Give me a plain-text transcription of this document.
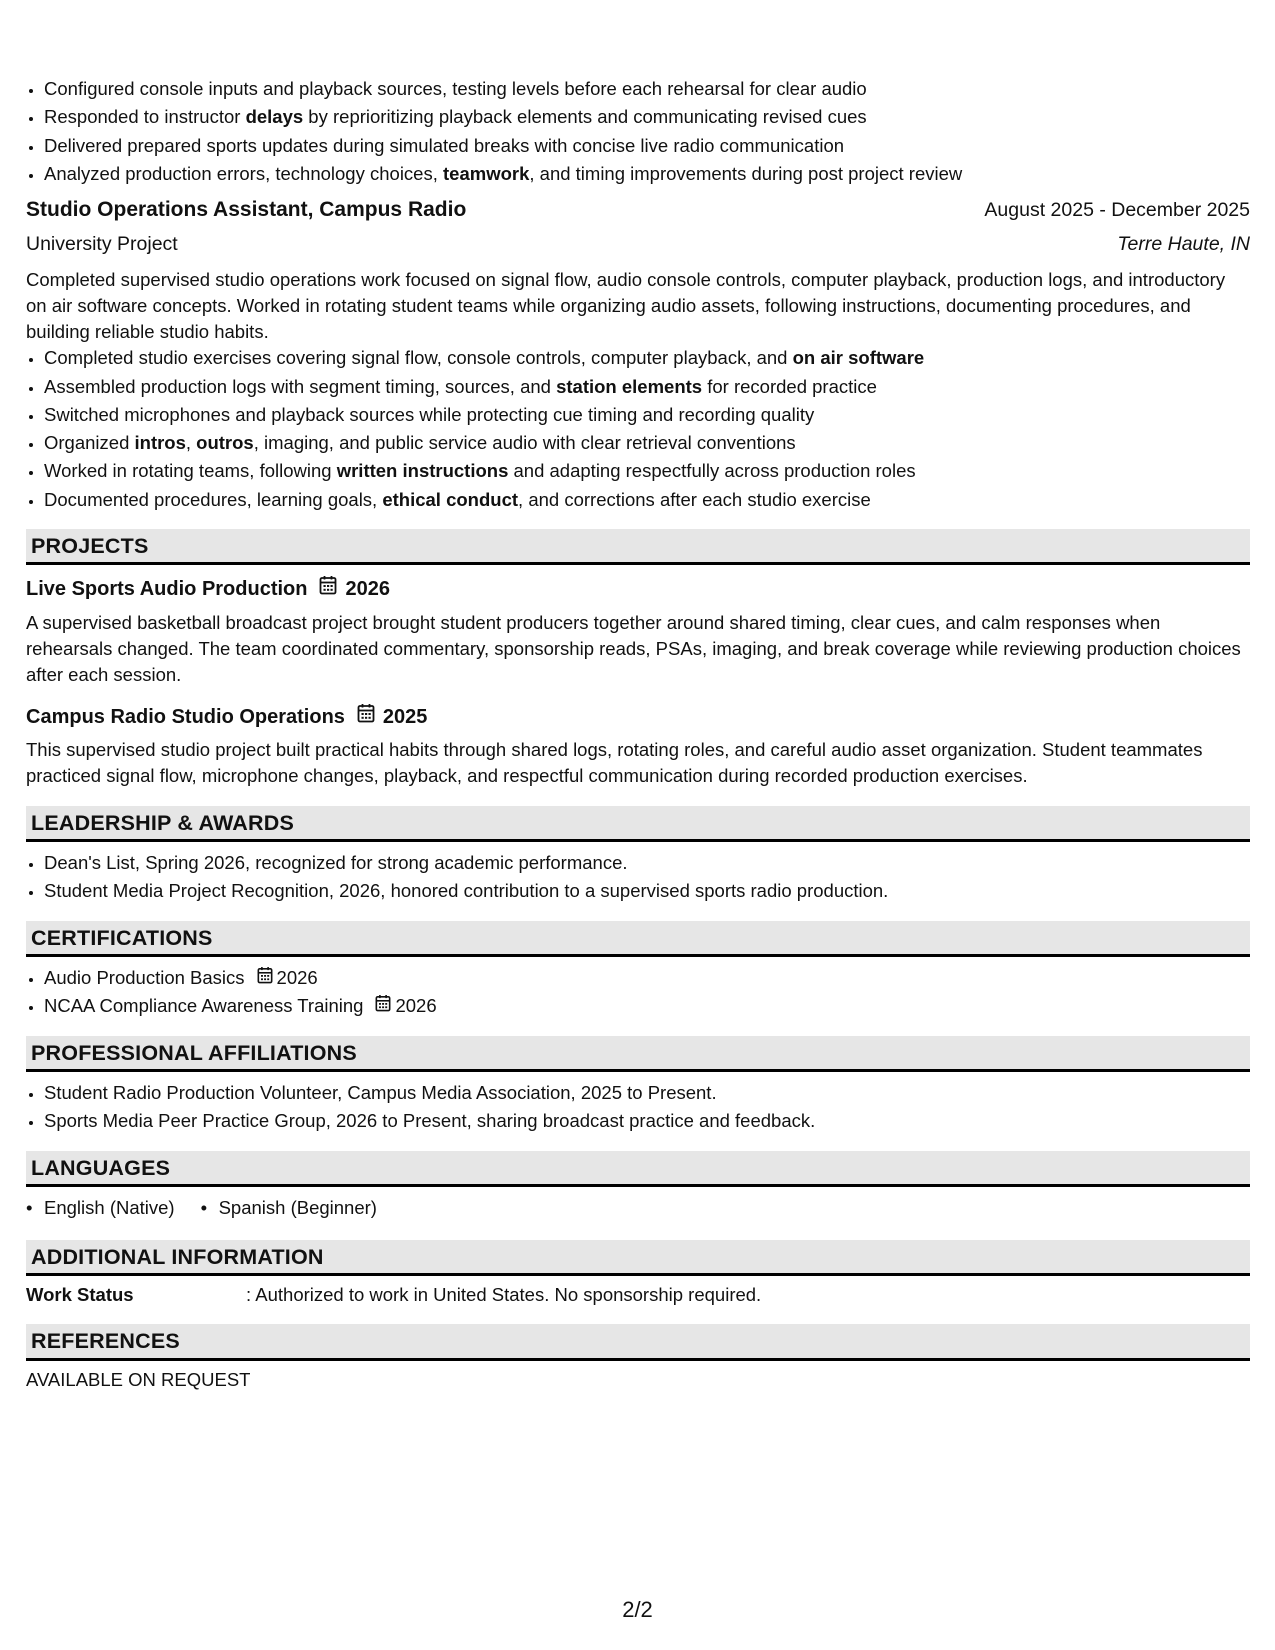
• Configured console inputs and playback sources, testing levels before each rehearsal for clear audio
• Responded to instructor delays by reprioritizing playback elements and communicating revised cues
• Delivered prepared sports updates during simulated breaks with concise live radio communication
• Analyzed production errors, technology choices, teamwork, and timing improvements during post project review
Studio Operations Assistant, Campus Radio	August 2025 - December 2025
University Project	Terre Haute, IN
Completed supervised studio operations work focused on signal flow, audio console controls, computer playback, production logs, and introductory on air software concepts. Worked in rotating student teams while organizing audio assets, following instructions, documenting procedures, and building reliable studio habits.
• Completed studio exercises covering signal flow, console controls, computer playback, and on air software
• Assembled production logs with segment timing, sources, and station elements for recorded practice
• Switched microphones and playback sources while protecting cue timing and recording quality
• Organized intros, outros, imaging, and public service audio with clear retrieval conventions
• Worked in rotating teams, following written instructions and adapting respectfully across production roles
• Documented procedures, learning goals, ethical conduct, and corrections after each studio exercise
PROJECTS
Live Sports Audio Production 2026
A supervised basketball broadcast project brought student producers together around shared timing, clear cues, and calm responses when rehearsals changed. The team coordinated commentary, sponsorship reads, PSAs, imaging, and break coverage while reviewing production choices after each session.
Campus Radio Studio Operations 2025
This supervised studio project built practical habits through shared logs, rotating roles, and careful audio asset organization. Student teammates practiced signal flow, microphone changes, playback, and respectful communication during recorded production exercises.
LEADERSHIP & AWARDS
• Dean's List, Spring 2026, recognized for strong academic performance.
• Student Media Project Recognition, 2026, honored contribution to a supervised sports radio production.
CERTIFICATIONS
• Audio Production Basics 2026
• NCAA Compliance Awareness Training 2026
PROFESSIONAL AFFILIATIONS
• Student Radio Production Volunteer, Campus Media Association, 2025 to Present.
• Sports Media Peer Practice Group, 2026 to Present, sharing broadcast practice and feedback.
LANGUAGES
• English (Native)
•	Spanish (Beginner)
ADDITIONAL INFORMATION
Work Status	: Authorized to work in United States. No sponsorship required.
REFERENCES
AVAILABLE ON REQUEST
2/2
